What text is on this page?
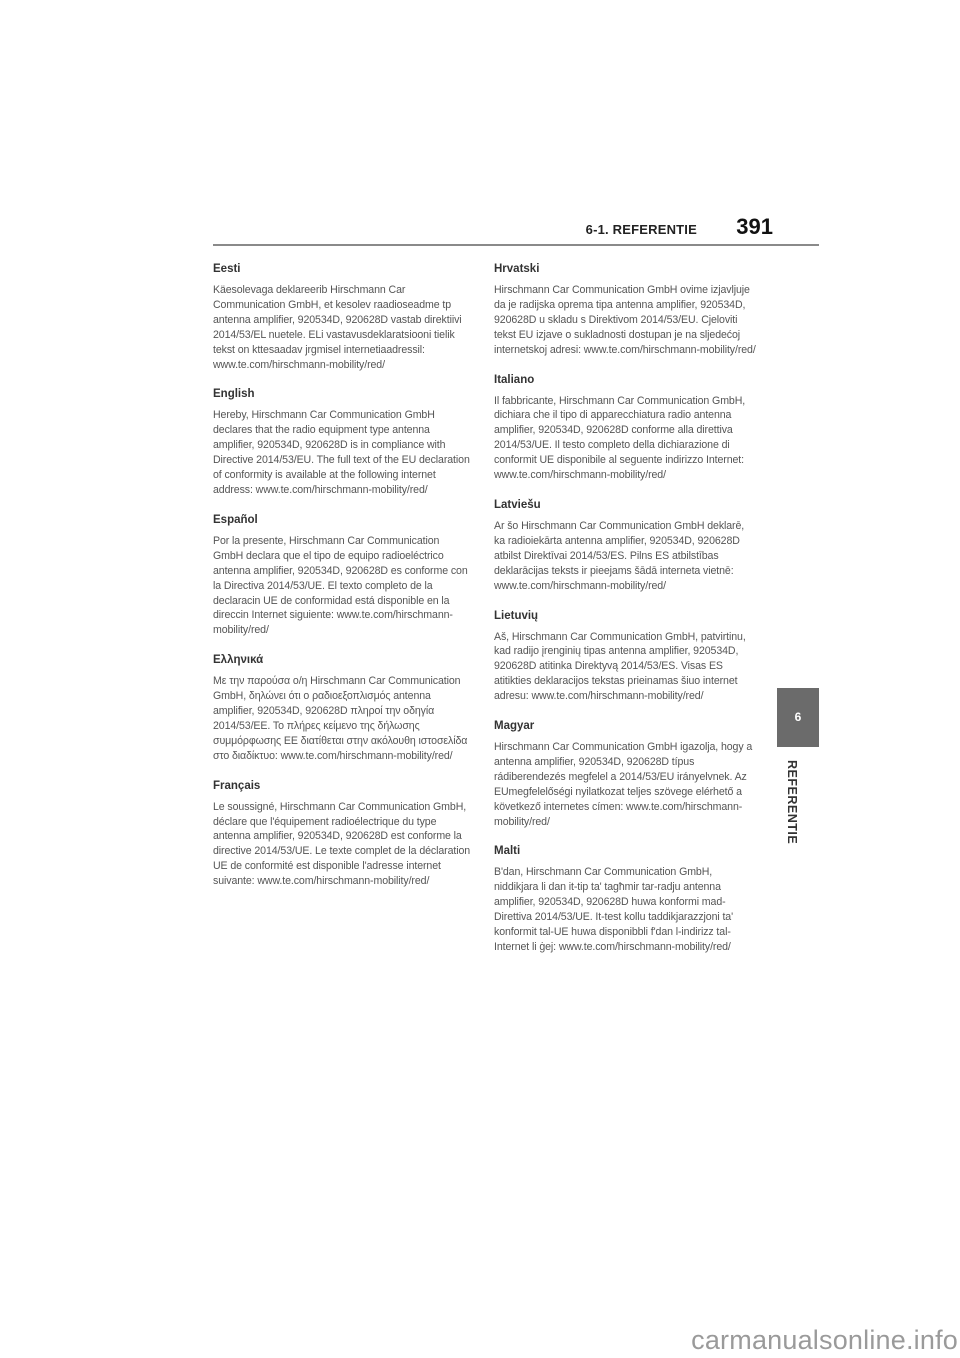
6-1. REFERENTIE 391

Eesti

Käesolevaga deklareerib Hirschmann Car Communication GmbH, et kesolev raadioseadme tp antenna amplifier, 920534D, 920628D vastab direktiivi 2014/53/EL nuetele. ELi vastavusdeklaratsiooni tielik tekst on kttesaadav jrgmisel internetiaadressil: www.te.com/hirschmann-mobility/red/

English

Hereby, Hirschmann Car Communication GmbH declares that the radio equipment type antenna amplifier, 920534D, 920628D is in compliance with Directive 2014/53/EU. The full text of the EU declaration of conformity is available at the following internet address: www.te.com/hirschmann-mobility/red/

Español

Por la presente, Hirschmann Car Communication GmbH declara que el tipo de equipo radioeléctrico antenna amplifier, 920534D, 920628D es conforme con la Directiva 2014/53/UE. El texto completo de la declaracin UE de conformidad está disponible en la direccin Internet siguiente: www.te.com/hirschmann-mobility/red/

Ελληνικά

Με την παρούσα ο/η Hirschmann Car Communication GmbH, δηλώνει ότι ο ραδιοεξοπλισμός antenna amplifier, 920534D, 920628D πληροί την οδηγία 2014/53/ΕΕ. Το πλήρες κείμενο της δήλωσης συμμόρφωσης ΕΕ διατίθεται στην ακόλουθη ιστοσελίδα στο διαδίκτυο: www.te.com/hirschmann-mobility/red/

Français

Le soussigné, Hirschmann Car Communication GmbH, déclare que l'équipement radioélectrique du type antenna amplifier, 920534D, 920628D est conforme la directive 2014/53/UE. Le texte complet de la déclaration UE de conformité est disponible l'adresse internet suivante: www.te.com/hirschmann-mobility/red/

Hrvatski

Hirschmann Car Communication GmbH ovime izjavljuje da je radijska oprema tipa antenna amplifier, 920534D, 920628D u skladu s Direktivom 2014/53/EU. Cjeloviti tekst EU izjave o sukladnosti dostupan je na sljedećoj internetskoj adresi: www.te.com/hirschmann-mobility/red/

Italiano

Il fabbricante, Hirschmann Car Communication GmbH, dichiara che il tipo di apparecchiatura radio antenna amplifier, 920534D, 920628D conforme alla direttiva 2014/53/UE. Il testo completo della dichiarazione di conformit UE disponibile al seguente indirizzo Internet: www.te.com/hirschmann-mobility/red/

Latviešu

Ar šo Hirschmann Car Communication GmbH deklarē, ka radioiekārta antenna amplifier, 920534D, 920628D atbilst Direktīvai 2014/53/ES. Pilns ES atbilstības deklarācijas teksts ir pieejams šādā interneta vietnē: www.te.com/hirschmann-mobility/red/

Lietuvių

Aš, Hirschmann Car Communication GmbH, patvirtinu, kad radijo įrenginių tipas antenna amplifier, 920534D, 920628D atitinka Direktyvą 2014/53/ES. Visas ES atitikties deklaracijos tekstas prieinamas šiuo internet adresu: www.te.com/hirschmann-mobility/red/

Magyar

Hirschmann Car Communication GmbH igazolja, hogy a antenna amplifier, 920534D, 920628D típus rádiberendezés megfelel a 2014/53/EU irányelvnek. Az EUmegfelelőségi nyilatkozat teljes szövege elérhető a következő internetes címen: www.te.com/hirschmann-mobility/red/

Malti

B'dan, Hirschmann Car Communication GmbH, niddikjara li dan it-tip ta' tagħmir tar-radju antenna amplifier, 920534D, 920628D huwa konformi mad-Direttiva 2014/53/UE. It-test kollu taddikjarazzjoni ta' konformit tal-UE huwa disponibbli f'dan l-indirizz tal-Internet li ġej: www.te.com/hirschmann-mobility/red/

6
REFERENTIE
carmanualsonline.info
